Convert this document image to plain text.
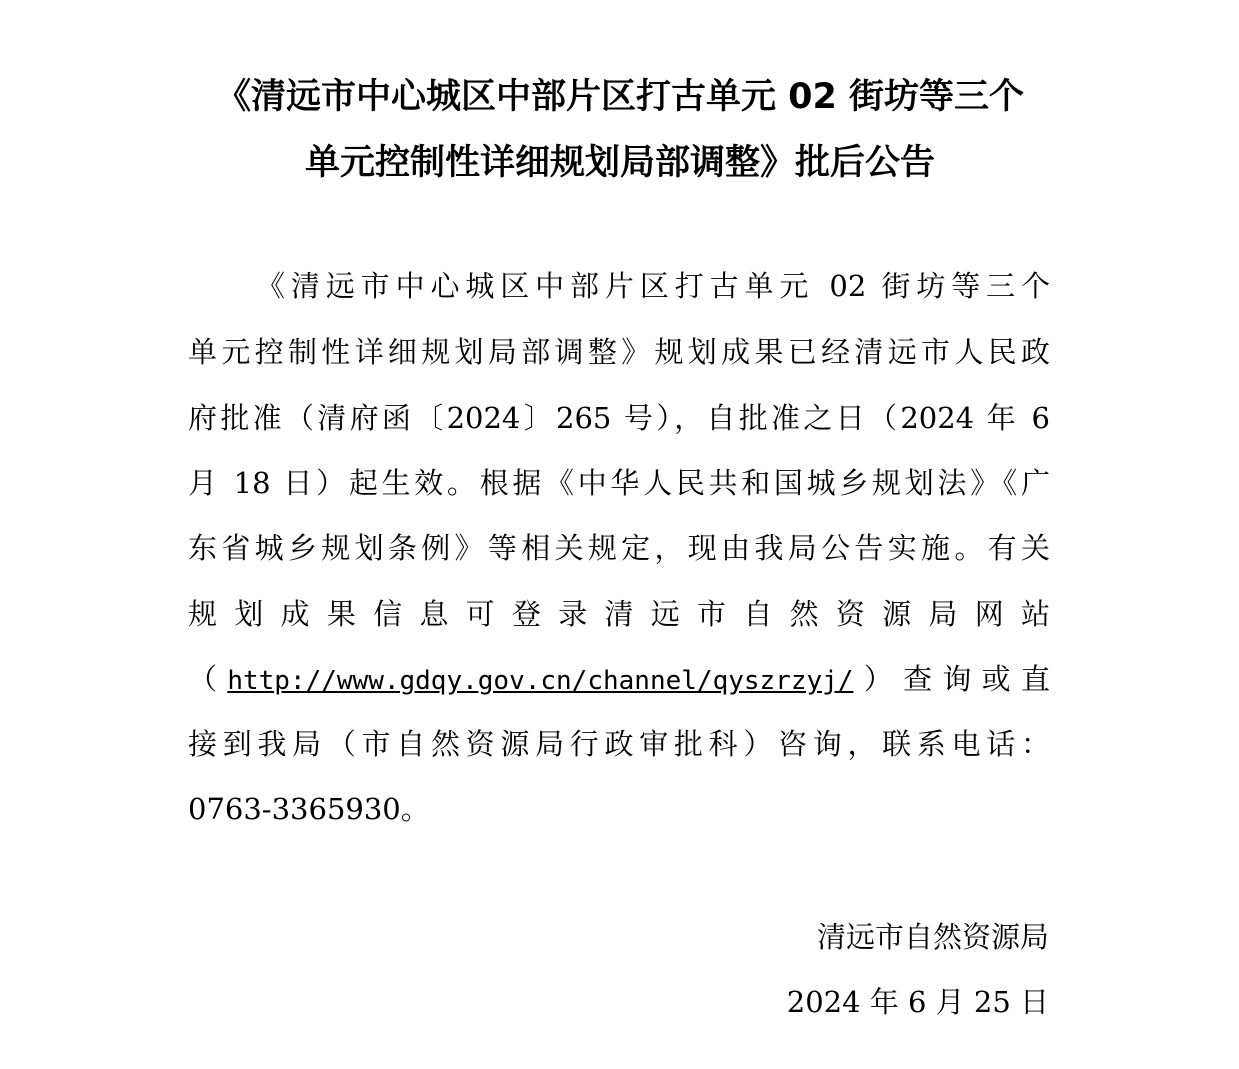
《清远市中心城区中部片区打古单元 02 街坊等三个
单元控制性详细规划局部调整》批后公告

《清远市中心城区中部片区打古单元 02 街坊等三个

单元控制性详细规划局部调整》规划成果已经清远市人民政

府批准（清府函〔2024〕265 号），自批准之日（2024 年 6

月 18 日）起生效。根据《中华人民共和国城乡规划法》《广

东省城乡规划条例》等相关规定，现由我局公告实施。有关

规划成果信息可登录清远市自然资源局网站

（http://www.gdqy.gov.cn/channel/qyszrzyj/）查询或直

接到我局（市自然资源局行政审批科）咨询，联系电话：

0763-3365930。

清远市自然资源局

2024 年 6 月 25 日
